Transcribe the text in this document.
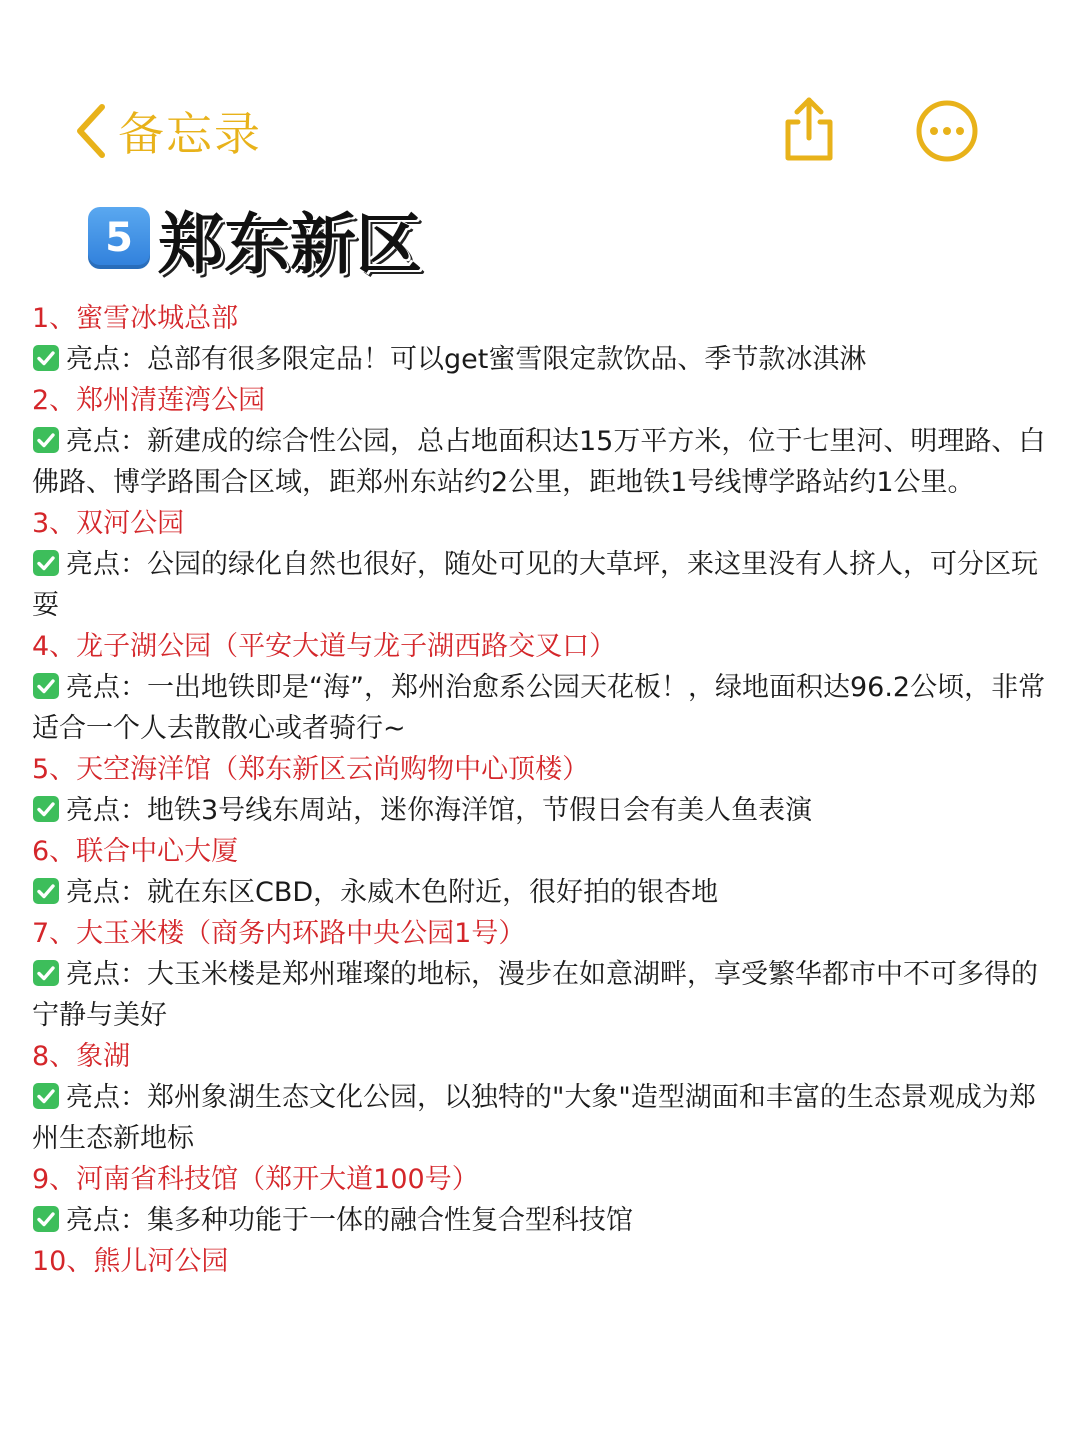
备忘录
5 郑东新区
1、蜜雪冰城总部
亮点：总部有很多限定品！可以get蜜雪限定款饮品、季节款冰淇淋
2、郑州清莲湾公园
亮点：新建成的综合性公园，总占地面积达15万平方米，位于七里河、明理路、白佛路、博学路围合区域，距郑州东站约2公里，距地铁1号线博学路站约1公里。
3、双河公园
亮点：公园的绿化自然也很好，随处可见的大草坪，来这里没有人挤人，可分区玩耍
4、龙子湖公园（平安大道与龙子湖西路交叉口）
亮点：一出地铁即是“海”，郑州治愈系公园天花板！，绿地面积达96.2公顷，非常适合一个人去散散心或者骑行~
5、天空海洋馆（郑东新区云尚购物中心顶楼）
亮点：地铁3号线东周站，迷你海洋馆，节假日会有美人鱼表演
6、联合中心大厦
亮点：就在东区CBD，永威木色附近，很好拍的银杏地
7、大玉米楼（商务内环路中央公园1号）
亮点：大玉米楼是郑州璀璨的地标，漫步在如意湖畔，享受繁华都市中不可多得的宁静与美好
8、象湖
亮点：郑州象湖生态文化公园，以独特的"大象"造型湖面和丰富的生态景观成为郑州生态新地标
9、河南省科技馆（郑开大道100号）
亮点：集多种功能于一体的融合性复合型科技馆
10、熊儿河公园
